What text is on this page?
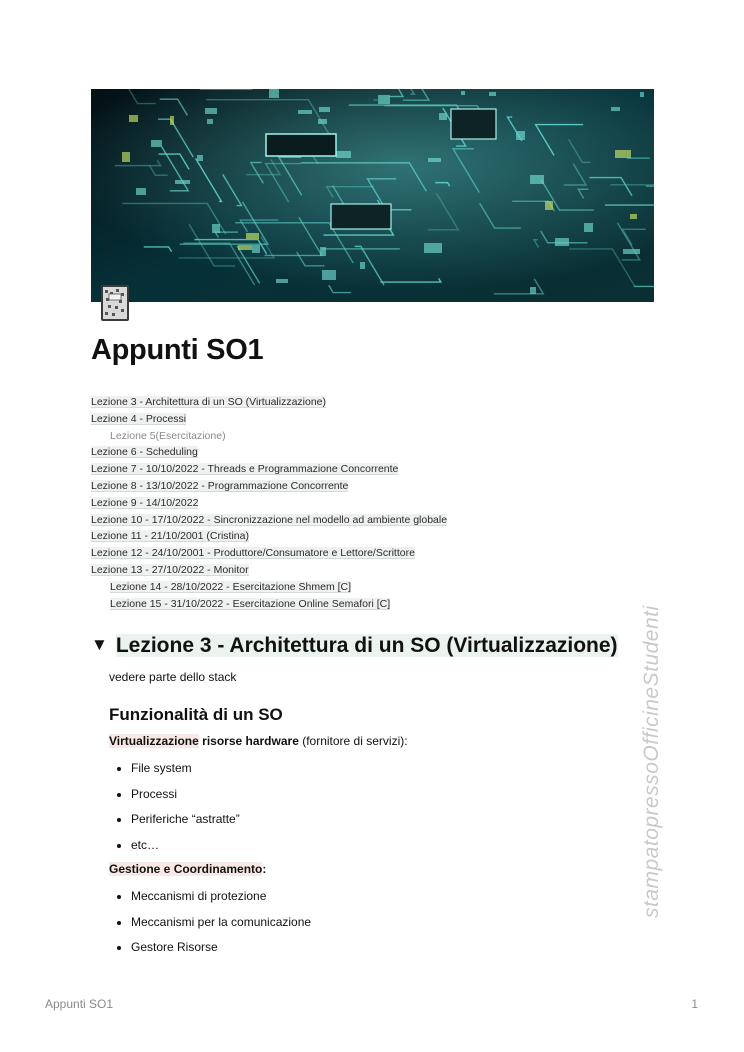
Appunti SO1
Lezione 3 - Architettura di un SO (Virtualizzazione)
Lezione 4 - Processi
Lezione 5(Esercitazione)
Lezione 6 - Scheduling
Lezione 7 - 10/10/2022 - Threads e Programmazione Concorrente
Lezione 8 - 13/10/2022 - Programmazione Concorrente
Lezione 9 - 14/10/2022
Lezione 10 - 17/10/2022 - Sincronizzazione nel modello ad ambiente globale
Lezione 11 - 21/10/2001 (Cristina)
Lezione 12 - 24/10/2001 - Produttore/Consumatore e Lettore/Scrittore
Lezione 13 - 27/10/2022 - Monitor
Lezione 14 - 28/10/2022 - Esercitazione Shmem [C]
Lezione 15 - 31/10/2022 - Esercitazione Online Semafori [C]
▼ Lezione 3 - Architettura di un SO (Virtualizzazione)
vedere parte dello stack
Funzionalità di un SO
Virtualizzazione risorse hardware (fornitore di servizi):
• File system
• Processi
• Periferiche “astratte”
• etc…
Gestione e Coordinamento:
• Meccanismi di protezione
• Meccanismi per la comunicazione
• Gestore Risorse
stampatopressoOfficineStudenti
Appunti SO1	1
